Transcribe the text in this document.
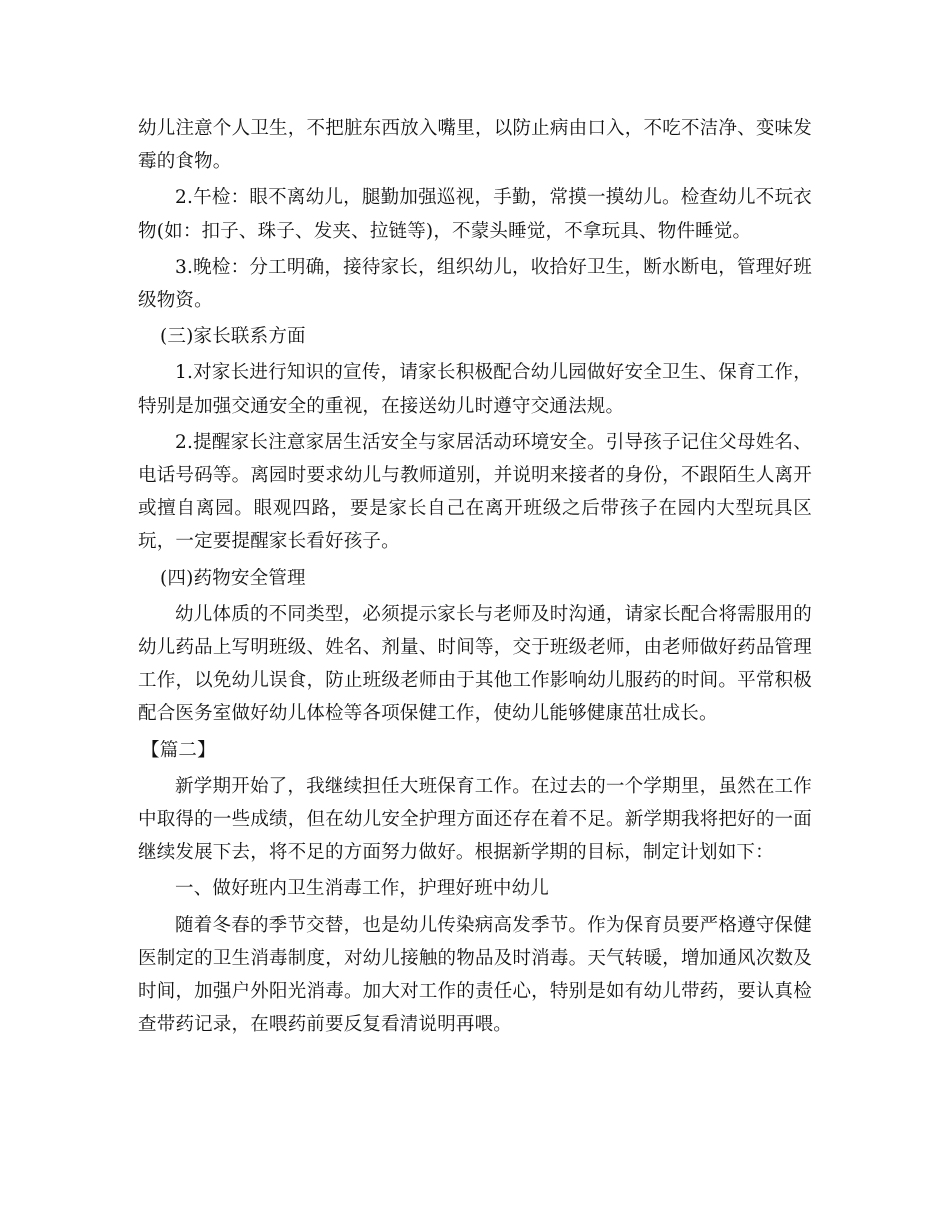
幼儿注意个人卫生，不把脏东西放入嘴里，以防止病由口入，不吃不洁净、变味发霉的食物。

2.午检：眼不离幼儿，腿勤加强巡视，手勤，常摸一摸幼儿。检查幼儿不玩衣物(如：扣子、珠子、发夹、拉链等)，不蒙头睡觉，不拿玩具、物件睡觉。

3.晚检：分工明确，接待家长，组织幼儿，收拾好卫生，断水断电，管理好班级物资。

(三)家长联系方面

1.对家长进行知识的宣传，请家长积极配合幼儿园做好安全卫生、保育工作，特别是加强交通安全的重视，在接送幼儿时遵守交通法规。

2.提醒家长注意家居生活安全与家居活动环境安全。引导孩子记住父母姓名、电话号码等。离园时要求幼儿与教师道别，并说明来接者的身份，不跟陌生人离开或擅自离园。眼观四路，要是家长自己在离开班级之后带孩子在园内大型玩具区玩，一定要提醒家长看好孩子。

(四)药物安全管理

幼儿体质的不同类型，必须提示家长与老师及时沟通，请家长配合将需服用的幼儿药品上写明班级、姓名、剂量、时间等，交于班级老师，由老师做好药品管理工作，以免幼儿误食，防止班级老师由于其他工作影响幼儿服药的时间。平常积极配合医务室做好幼儿体检等各项保健工作，使幼儿能够健康茁壮成长。

【篇二】

新学期开始了，我继续担任大班保育工作。在过去的一个学期里，虽然在工作中取得的一些成绩，但在幼儿安全护理方面还存在着不足。新学期我将把好的一面继续发展下去，将不足的方面努力做好。根据新学期的目标，制定计划如下：

一、做好班内卫生消毒工作，护理好班中幼儿

随着冬春的季节交替，也是幼儿传染病高发季节。作为保育员要严格遵守保健医制定的卫生消毒制度，对幼儿接触的物品及时消毒。天气转暖，增加通风次数及时间，加强户外阳光消毒。加大对工作的责任心，特别是如有幼儿带药，要认真检查带药记录，在喂药前要反复看清说明再喂。
